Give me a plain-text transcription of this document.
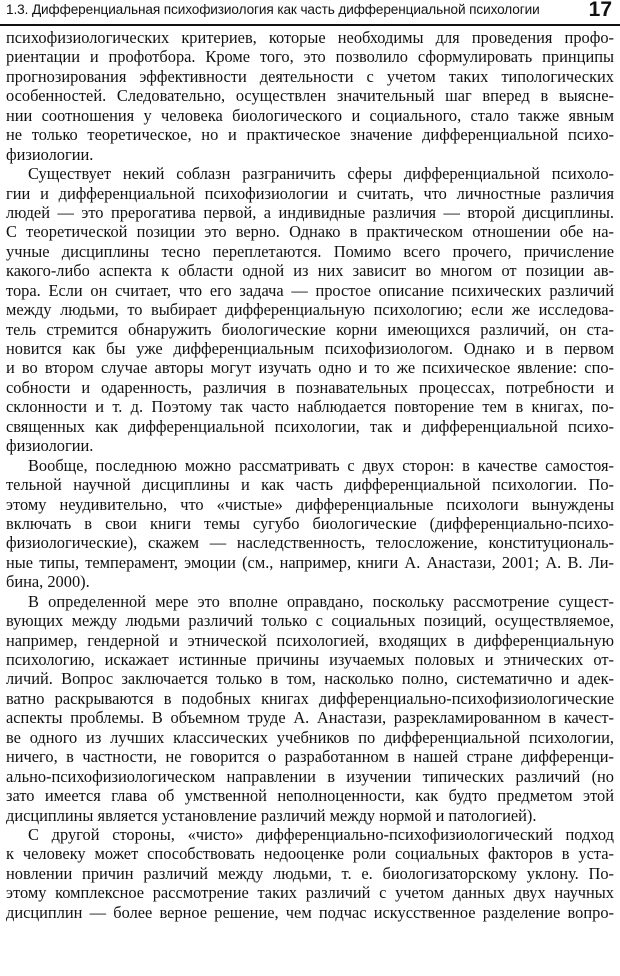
1.3. Дифференциальная психофизиология как часть дифференциальной психологии 17
психофизиологических критериев, которые необходимы для проведения профо-
риентации и профотбора. Кроме того, это позволило сформулировать принципы
прогнозирования эффективности деятельности с учетом таких типологических
особенностей. Следовательно, осуществлен значительный шаг вперед в выясне-
нии соотношения у человека биологического и социального, стало также явным
не только теоретическое, но и практическое значение дифференциальной психо-
физиологии.
Существует некий соблазн разграничить сферы дифференциальной психоло-
гии и дифференциальной психофизиологии и считать, что личностные различия
людей — это прерогатива первой, а индивидные различия — второй дисциплины.
С теоретической позиции это верно. Однако в практическом отношении обе на-
учные дисциплины тесно переплетаются. Помимо всего прочего, причисление
какого-либо аспекта к области одной из них зависит во многом от позиции ав-
тора. Если он считает, что его задача — простое описание психических различий
между людьми, то выбирает дифференциальную психологию; если же исследова-
тель стремится обнаружить биологические корни имеющихся различий, он ста-
новится как бы уже дифференциальным психофизиологом. Однако и в первом
и во втором случае авторы могут изучать одно и то же психическое явление: спо-
собности и одаренность, различия в познавательных процессах, потребности и
склонности и т. д. Поэтому так часто наблюдается повторение тем в книгах, по-
священных как дифференциальной психологии, так и дифференциальной психо-
физиологии.
Вообще, последнюю можно рассматривать с двух сторон: в качестве самостоя-
тельной научной дисциплины и как часть дифференциальной психологии. По-
этому неудивительно, что «чистые» дифференциальные психологи вынуждены
включать в свои книги темы сугубо биологические (дифференциально-психо-
физиологические), скажем — наследственность, телосложение, конституциональ-
ные типы, темперамент, эмоции (см., например, книги А. Анастази, 2001; А. В. Ли-
бина, 2000).
В определенной мере это вполне оправдано, поскольку рассмотрение сущест-
вующих между людьми различий только с социальных позиций, осуществляемое,
например, гендерной и этнической психологией, входящих в дифференциальную
психологию, искажает истинные причины изучаемых половых и этнических от-
личий. Вопрос заключается только в том, насколько полно, систематично и адек-
ватно раскрываются в подобных книгах дифференциально-психофизиологические
аспекты проблемы. В объемном труде А. Анастази, разрекламированном в качест-
ве одного из лучших классических учебников по дифференциальной психологии,
ничего, в частности, не говорится о разработанном в нашей стране дифференци-
ально-психофизиологическом направлении в изучении типических различий (но
зато имеется глава об умственной неполноценности, как будто предметом этой
дисциплины является установление различий между нормой и патологией).
С другой стороны, «чисто» дифференциально-психофизиологический подход
к человеку может способствовать недооценке роли социальных факторов в уста-
новлении причин различий между людьми, т. е. биологизаторскому уклону. По-
этому комплексное рассмотрение таких различий с учетом данных двух научных
дисциплин — более верное решение, чем подчас искусственное разделение вопро-
